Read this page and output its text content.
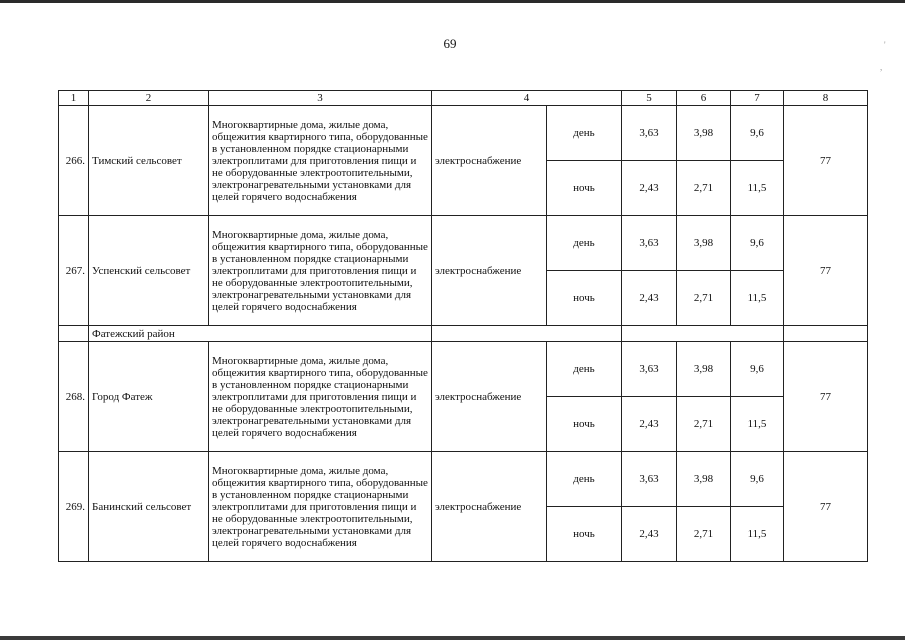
69	'
,
1	2	3	4		5	6	7	8
266.	Тимский сельсовет	Многоквартирные дома, жилые дома, общежития квартирного типа, оборудованные в установленном порядке стационарными электроплитами для приготовления пищи и не оборудованные электроотопительными, электронагревательными установками для целей горячего водоснабжения	электроснабжение	день	3,63	3,98	9,6	77
				ночь	2,43	2,71	11,5	
267.	Успенский сельсовет	Многоквартирные дома, жилые дома, общежития квартирного типа, оборудованные в установленном порядке стационарными электроплитами для приготовления пищи и не оборудованные электроотопительными, электронагревательными установками для целей горячего водоснабжения	электроснабжение	день	3,63	3,98	9,6	77
				ночь	2,43	2,71	11,5	
	Фатежский район							
268.	Город Фатеж	Многоквартирные дома, жилые дома, общежития квартирного типа, оборудованные в установленном порядке стационарными электроплитами для приготовления пищи и не оборудованные электроотопительными, электронагревательными установками для целей горячего водоснабжения	электроснабжение	день	3,63	3,98	9,6	77
				ночь	2,43	2,71	11,5	
269.	Банинский сельсовет	Многоквартирные дома, жилые дома, общежития квартирного типа, оборудованные в установленном порядке стационарными электроплитами для приготовления пищи и не оборудованные электроотопительными, электронагревательными установками для целей горячего водоснабжения	электроснабжение	день	3,63	3,98	9,6	77
				ночь	2,43	2,71	11,5	
